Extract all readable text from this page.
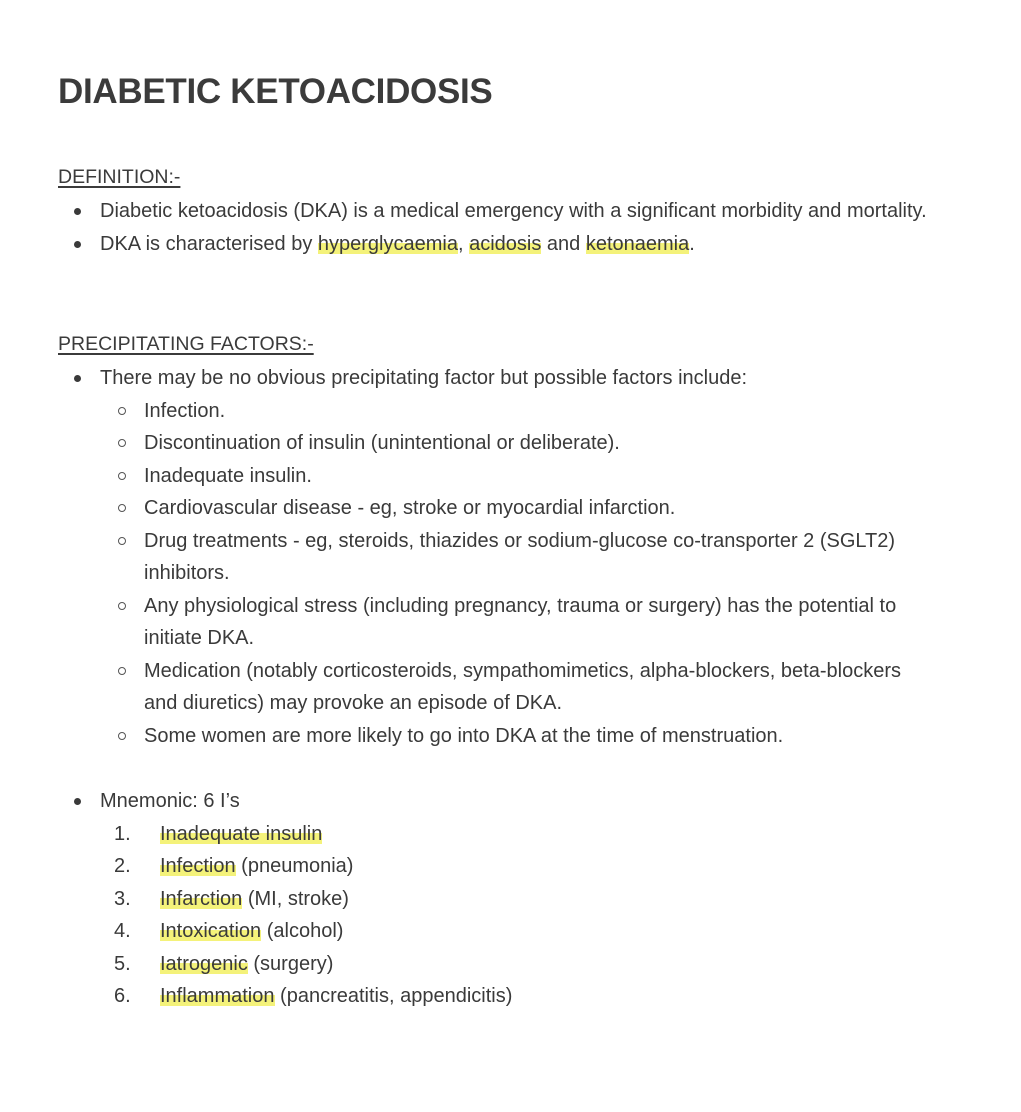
DIABETIC KETOACIDOSIS
DEFINITION:-
Diabetic ketoacidosis (DKA) is a medical emergency with a significant morbidity and mortality.
DKA is characterised by hyperglycaemia, acidosis and ketonaemia.
PRECIPITATING FACTORS:-
There may be no obvious precipitating factor but possible factors include:
Infection.
Discontinuation of insulin (unintentional or deliberate).
Inadequate insulin.
Cardiovascular disease - eg, stroke or myocardial infarction.
Drug treatments - eg, steroids, thiazides or sodium-glucose co-transporter 2 (SGLT2) inhibitors.
Any physiological stress (including pregnancy, trauma or surgery) has the potential to initiate DKA.
Medication (notably corticosteroids, sympathomimetics, alpha-blockers, beta-blockers and diuretics) may provoke an episode of DKA.
Some women are more likely to go into DKA at the time of menstruation.
Mnemonic: 6 I’s
1. Inadequate insulin
2. Infection (pneumonia)
3. Infarction (MI, stroke)
4. Intoxication (alcohol)
5. Iatrogenic (surgery)
6. Inflammation (pancreatitis, appendicitis)
